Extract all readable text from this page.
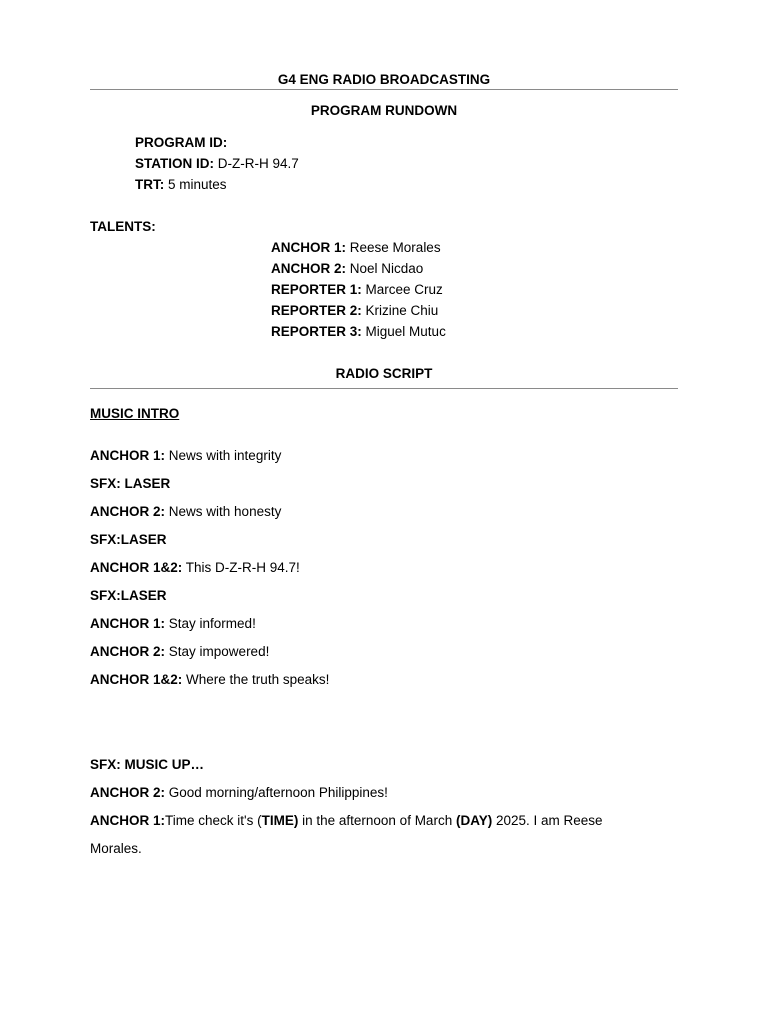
G4 ENG RADIO BROADCASTING
PROGRAM RUNDOWN
PROGRAM ID:
STATION ID: D-Z-R-H 94.7
TRT: 5 minutes
TALENTS:
ANCHOR 1: Reese Morales
ANCHOR 2: Noel Nicdao
REPORTER 1: Marcee Cruz
REPORTER 2: Krizine Chiu
REPORTER 3: Miguel Mutuc
RADIO SCRIPT
MUSIC INTRO
ANCHOR 1: News with integrity
SFX: LASER
ANCHOR 2: News with honesty
SFX:LASER
ANCHOR 1&2: This D-Z-R-H 94.7!
SFX:LASER
ANCHOR 1: Stay informed!
ANCHOR 2: Stay impowered!
ANCHOR 1&2: Where the truth speaks!
SFX: MUSIC UP…
ANCHOR 2: Good morning/afternoon Philippines!
ANCHOR 1:Time check it's (TIME) in the afternoon of March (DAY) 2025. I am Reese
Morales.
